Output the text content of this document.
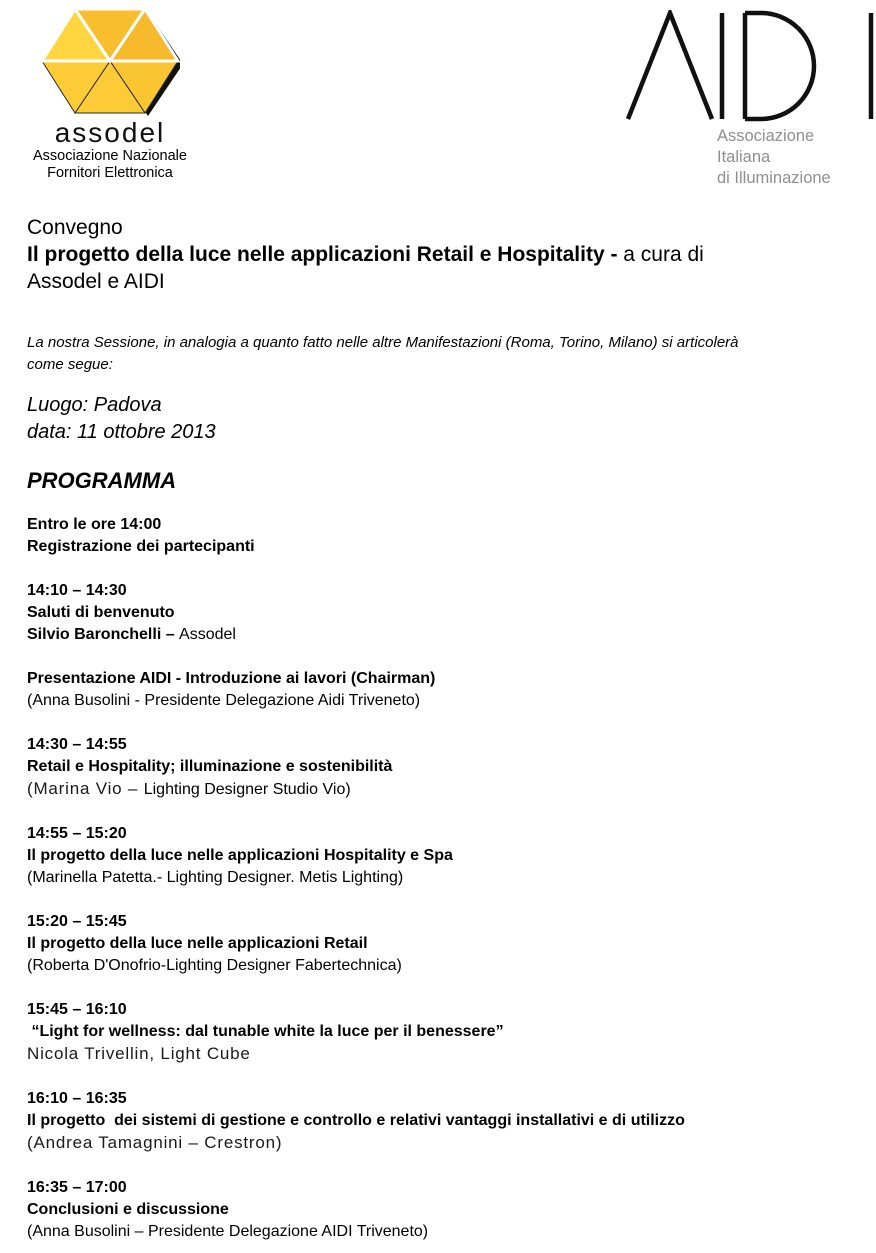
assodel
Associazione Nazionale
Fornitori Elettronica
Associazione
Italiana
di Illuminazione
Convegno
Il progetto della luce nelle applicazioni Retail e Hospitality - a cura di
Assodel e AIDI
La nostra Sessione, in analogia a quanto fatto nelle altre Manifestazioni (Roma, Torino, Milano) si articolerà
come segue:
Luogo: Padova
data: 11 ottobre 2013
PROGRAMMA
Entro le ore 14:00
Registrazione dei partecipanti
14:10 – 14:30
Saluti di benvenuto
Silvio Baronchelli – Assodel
Presentazione AIDI - Introduzione ai lavori (Chairman)
(Anna Busolini - Presidente Delegazione Aidi Triveneto)
14:30 – 14:55
Retail e Hospitality; illuminazione e sostenibilità
(Marina Vio – Lighting Designer Studio Vio)
14:55 – 15:20
Il progetto della luce nelle applicazioni Hospitality e Spa
(Marinella Patetta.- Lighting Designer. Metis Lighting)
15:20 – 15:45
Il progetto della luce nelle applicazioni Retail
(Roberta D'Onofrio-Lighting Designer Fabertechnica)
15:45 – 16:10
“Light for wellness: dal tunable white la luce per il benessere”
Nicola Trivellin, Light Cube
16:10 – 16:35
Il progetto  dei sistemi di gestione e controllo e relativi vantaggi installativi e di utilizzo
(Andrea Tamagnini – Crestron)
16:35 – 17:00
Conclusioni e discussione
(Anna Busolini – Presidente Delegazione AIDI Triveneto)
